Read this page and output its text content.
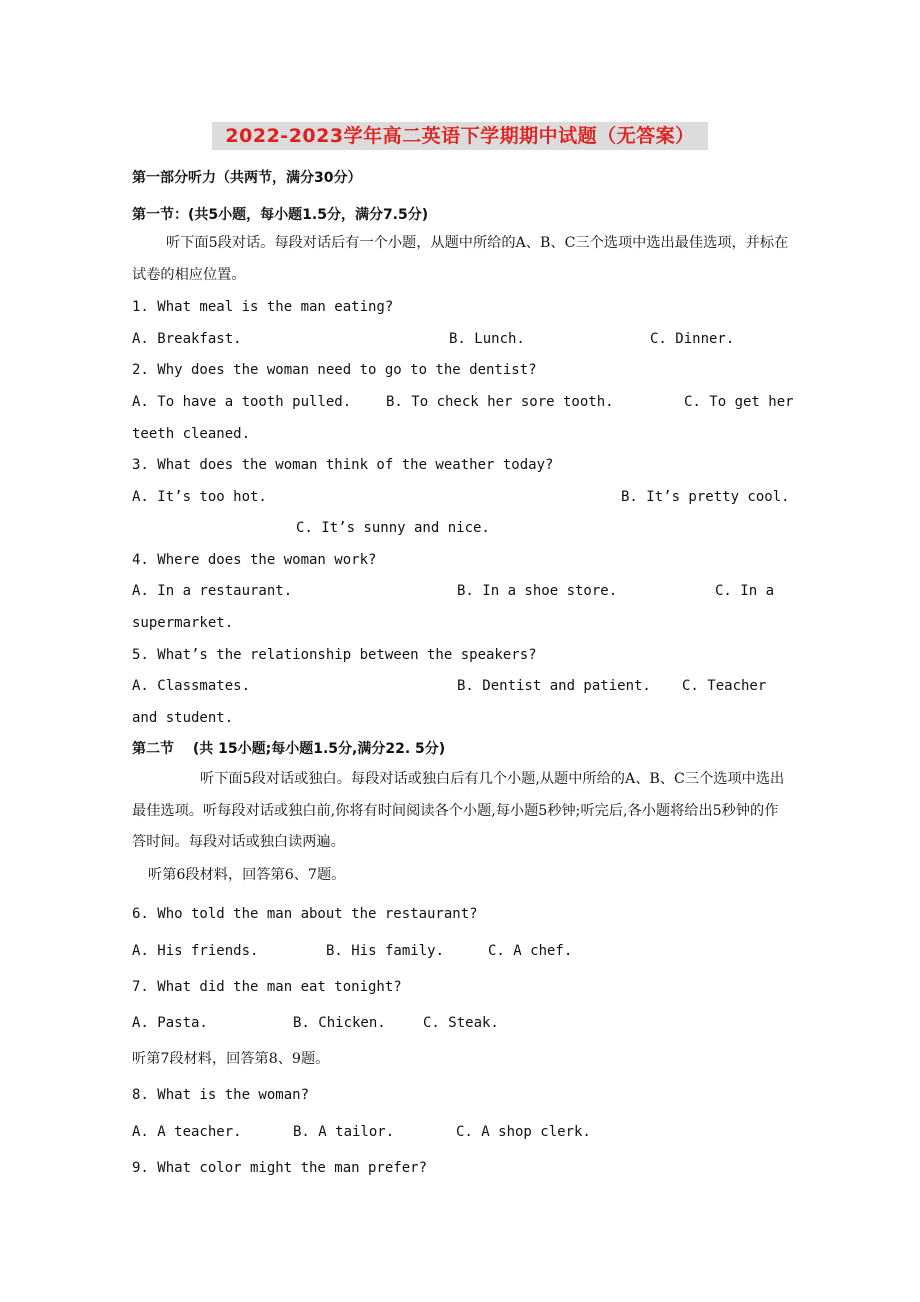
2022-2023学年高二英语下学期期中试题（无答案）
第一部分听力（共两节，满分30分）
第一节：(共5小题，每小题1.5分，满分7.5分)
听下面5段对话。每段对话后有一个小题，从题中所给的A、B、C三个选项中选出最佳选项，并标在试卷的相应位置。
1. What meal is the man eating?
A. Breakfast.	B. Lunch.	C. Dinner.
2. Why does the woman need to go to the dentist?
A. To have a tooth pulled. B. To check her sore tooth.	C. To get her
teeth cleaned.
3. What does the woman think of the weather today?
A. It’s too hot.	B. It’s pretty cool.
C. It’s sunny and nice.
4. Where does the woman work?
A. In a restaurant.	B. In a shoe store.	C. In a
supermarket.
5. What’s the relationship between the speakers?
A. Classmates.	B. Dentist and patient. C. Teacher
and student.
第二节　 (共 15小题;每小题1.5分,满分22. 5分)
听下面5段对话或独白。每段对话或独白后有几个小题,从题中所给的A、B、C三个选项中选出最佳选项。听每段对话或独白前,你将有时间阅读各个小题,每小题5秒钟;听完后,各小题将给出5秒钟的作答时间。每段对话或独白读两遍。
听第6段材料，回答第6、7题。
6. Who told the man about the restaurant?
A. His friends.	B. His family.	C. A chef.
7. What did the man eat tonight?
A. Pasta.	B. Chicken.	C. Steak.
听第7段材料，回答第8、9题。
8. What is the woman?
A. A teacher.	B. A tailor.	C. A shop clerk.
9. What color might the man prefer?
